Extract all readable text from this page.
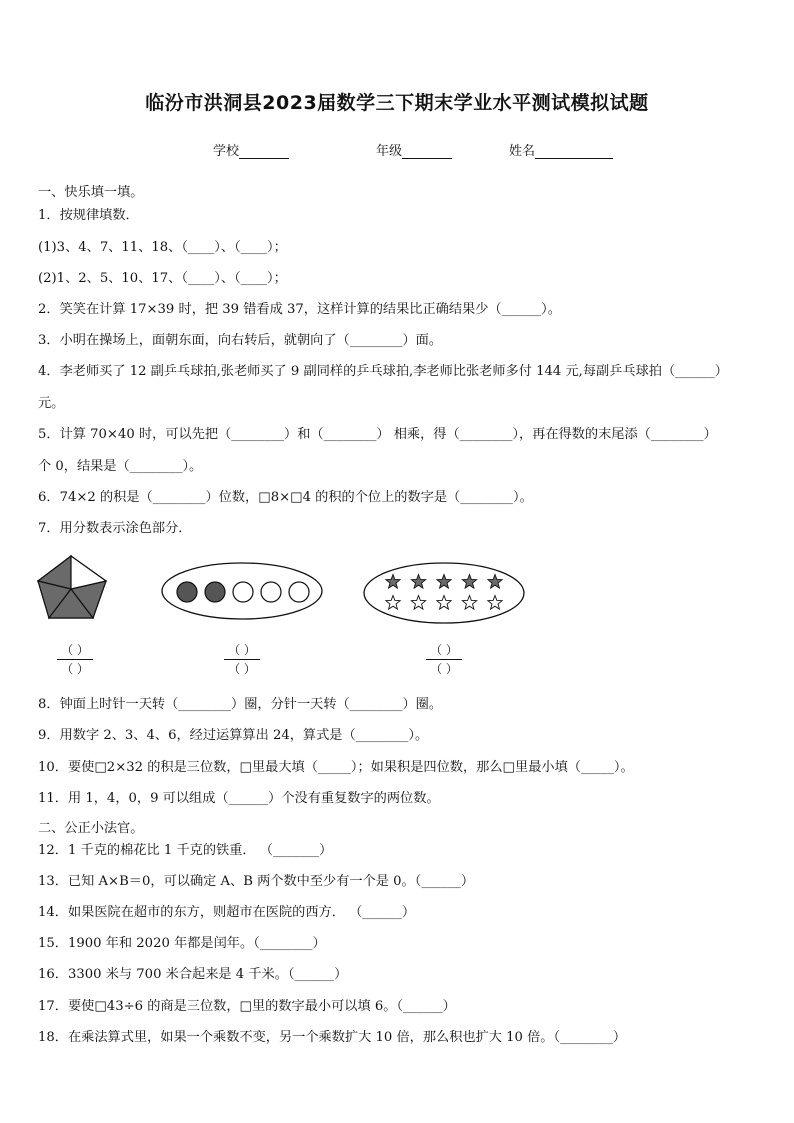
临汾市洪洞县2023届数学三下期末学业水平测试模拟试题
学校	年级	姓名
一、快乐填一填。
1．按规律填数．
(1)3、4、7、11、18、（____）、（____）；
(2)1、2、5、10、17、（____）、（____）；
2．笑笑在计算 17×39 时，把 39 错看成 37，这样计算的结果比正确结果少（______）。
3．小明在操场上，面朝东面，向右转后，就朝向了（________）面。
4．李老师买了 12 副乒乓球拍,张老师买了 9 副同样的乒乓球拍,李老师比张老师多付 144 元,每副乒乓球拍（______）
元。
5．计算 70×40 时，可以先把（________）和（________） 相乘，得（________），再在得数的末尾添（________）
个 0，结果是（________）。
6．74×2 的积是（________）位数，□8×□4 的积的个位上的数字是（________）。
7．用分数表示涂色部分．
（ ）
（ ）
（ ）
（ ）
（ ）
（ ）
8．钟面上时针一天转（________）圈，分针一天转（________）圈。
9．用数字 2、3、4、6，经过运算算出 24，算式是（________）。
10．要使□2×32 的积是三位数，□里最大填（_____）；如果积是四位数，那么□里最小填（_____）。
11．用 1，4，0，9 可以组成（______）个没有重复数字的两位数。
二、公正小法官。
12．1 千克的棉花比 1 千克的铁重． （_______）
13．已知 A×B＝0，可以确定 A、B 两个数中至少有一个是 0。（______）
14．如果医院在超市的东方，则超市在医院的西方． （______）
15．1900 年和 2020 年都是闰年。（________）
16．3300 米与 700 米合起来是 4 千米。（______）
17．要使□43÷6 的商是三位数，□里的数字最小可以填 6。（______）
18．在乘法算式里，如果一个乘数不变，另一个乘数扩大 10 倍，那么积也扩大 10 倍。（________）
